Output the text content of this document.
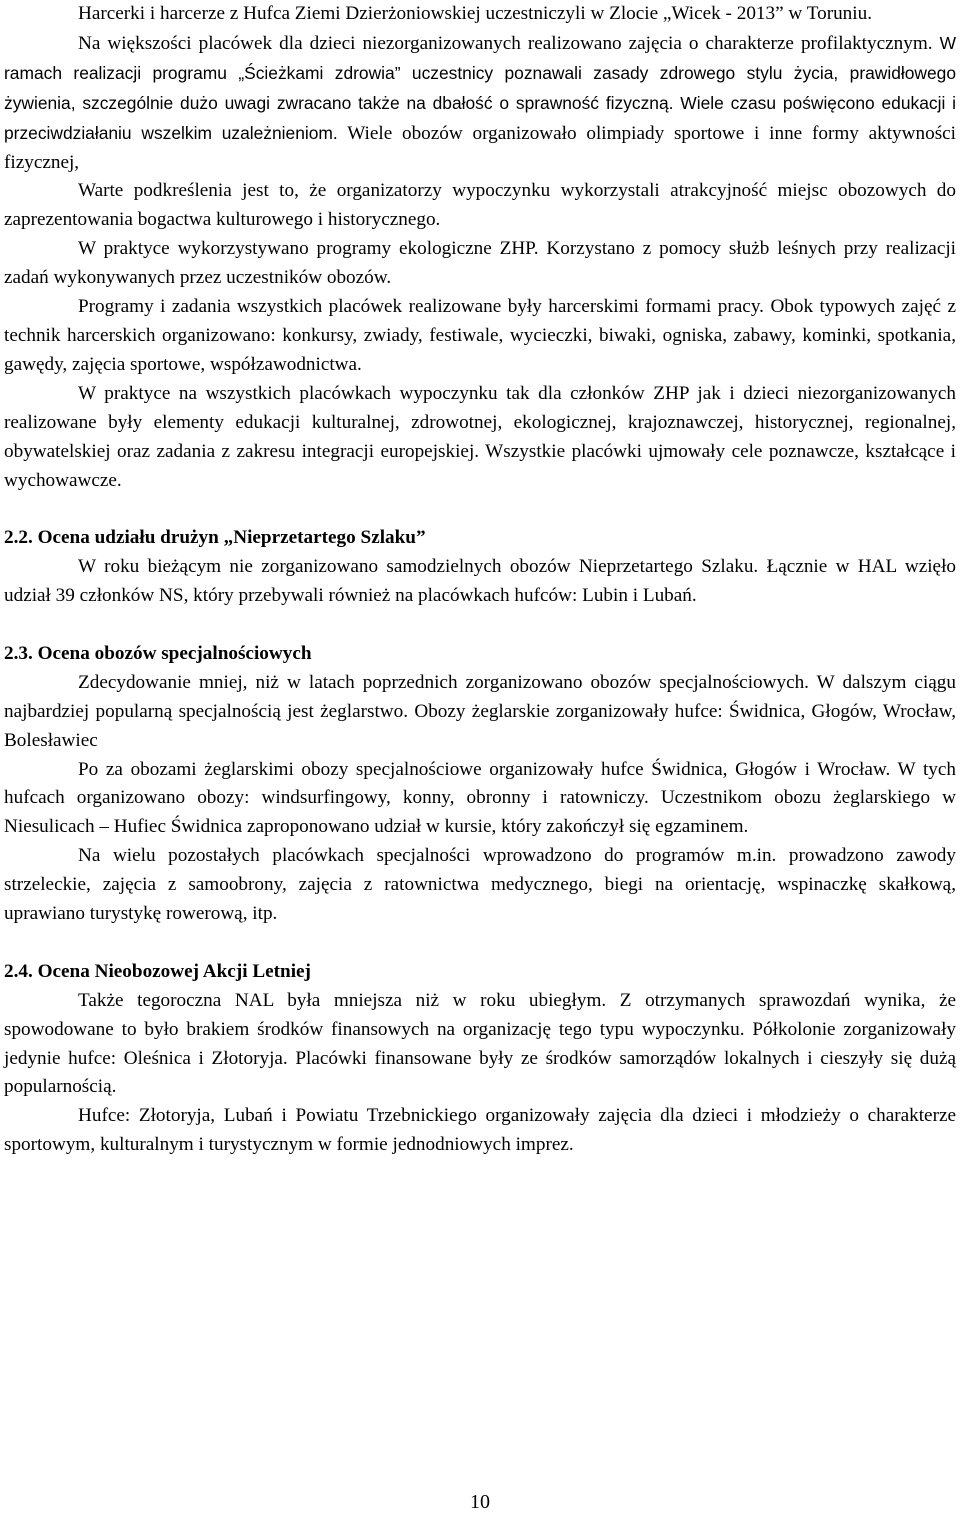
Harcerki i harcerze z Hufca Ziemi Dzierżoniowskiej uczestniczyli w Zlocie „Wicek - 2013” w Toruniu.

Na większości placówek dla dzieci niezorganizowanych realizowano zajęcia o charakterze profilaktycznym. W ramach realizacji programu „Ścieżkami zdrowia” uczestnicy poznawali zasady zdrowego stylu życia, prawidłowego żywienia, szczególnie dużo uwagi zwracano także na dbałość o sprawność fizyczną. Wiele czasu poświęcono edukacji i przeciwdziałaniu wszelkim uzależnieniom. Wiele obozów organizowało olimpiady sportowe i inne formy aktywności fizycznej,

Warte podkreślenia jest to, że organizatorzy wypoczynku wykorzystali atrakcyjność miejsc obozowych do zaprezentowania bogactwa kulturowego i historycznego.

W praktyce wykorzystywano programy ekologiczne ZHP. Korzystano z pomocy służb leśnych przy realizacji zadań wykonywanych przez uczestników obozów.

Programy i zadania wszystkich placówek realizowane były harcerskimi formami pracy. Obok typowych zajęć z technik harcerskich organizowano: konkursy, zwiady, festiwale, wycieczki, biwaki, ogniska, zabawy, kominki, spotkania, gawędy, zajęcia sportowe, współzawodnictwa.

W praktyce na wszystkich placówkach wypoczynku tak dla członków ZHP jak i dzieci niezorganizowanych realizowane były elementy edukacji kulturalnej, zdrowotnej, ekologicznej, krajoznawczej, historycznej, regionalnej, obywatelskiej oraz zadania z zakresu integracji europejskiej. Wszystkie placówki ujmowały cele poznawcze, kształcące i wychowawcze.

2.2. Ocena udziału drużyn „Nieprzetartego Szlaku”

W roku bieżącym nie zorganizowano samodzielnych obozów Nieprzetartego Szlaku. Łącznie w HAL wzięło udział 39 członków NS, który przebywali również na placówkach hufców: Lubin i Lubań.

2.3. Ocena obozów specjalnościowych

Zdecydowanie mniej, niż w latach poprzednich zorganizowano obozów specjalnościowych. W dalszym ciągu najbardziej popularną specjalnością jest żeglarstwo. Obozy żeglarskie zorganizowały hufce: Świdnica, Głogów, Wrocław, Bolesławiec

Po za obozami żeglarskimi obozy specjalnościowe organizowały hufce Świdnica, Głogów i Wrocław. W tych hufcach organizowano obozy: windsurfingowy, konny, obronny i ratowniczy. Uczestnikom obozu żeglarskiego w Niesulicach – Hufiec Świdnica zaproponowano udział w kursie, który zakończył się egzaminem.

Na wielu pozostałych placówkach specjalności wprowadzono do programów m.in. prowadzono zawody strzeleckie, zajęcia z samoobrony, zajęcia z ratownictwa medycznego, biegi na orientację, wspinaczkę skałkową, uprawiano turystykę rowerową, itp.

2.4. Ocena Nieobozowej Akcji Letniej

Także tegoroczna NAL była mniejsza niż w roku ubiegłym. Z otrzymanych sprawozdań wynika, że spowodowane to było brakiem środków finansowych na organizację tego typu wypoczynku. Półkolonie zorganizowały jedynie hufce: Oleśnica i Złotoryja. Placówki finansowane były ze środków samorządów lokalnych i cieszyły się dużą popularnością.

Hufce: Złotoryja, Lubań i Powiatu Trzebnickiego organizowały zajęcia dla dzieci i młodzieży o charakterze sportowym, kulturalnym i turystycznym w formie jednodniowych imprez.

10
